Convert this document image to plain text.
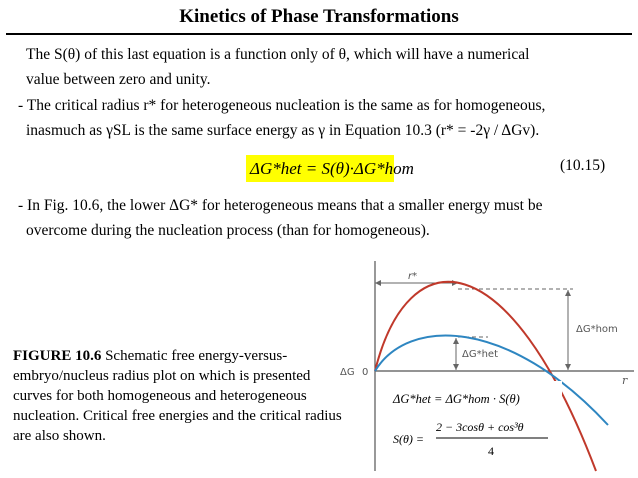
Kinetics of Phase Transformations
The S(θ) of this last equation is a function only of θ, which will have a numerical
value between zero and unity.
- The critical radius r* for heterogeneous nucleation is the same as for homogeneous,
inasmuch as γSL is the same surface energy as γ in Equation 10.3 (r* = -2γ / ΔGv).
ΔG*het = S(θ)·ΔG*hom	(10.15)
- In Fig. 10.6, the lower ΔG* for heterogeneous means that a smaller energy must be
overcome during the nucleation process (than for homogeneous).
FIGURE 10.6 Schematic free energy-versus-embryo/nucleus radius plot on which is presented curves for both homogeneous and heterogeneous nucleation. Critical free energies and the critical radius are also shown.
ΔG 0
r
r*
ΔG*hom
ΔG*het
ΔG*het = ΔG*hom · S(θ)
S(θ) =
2 − 3cosθ + cos³θ
4
